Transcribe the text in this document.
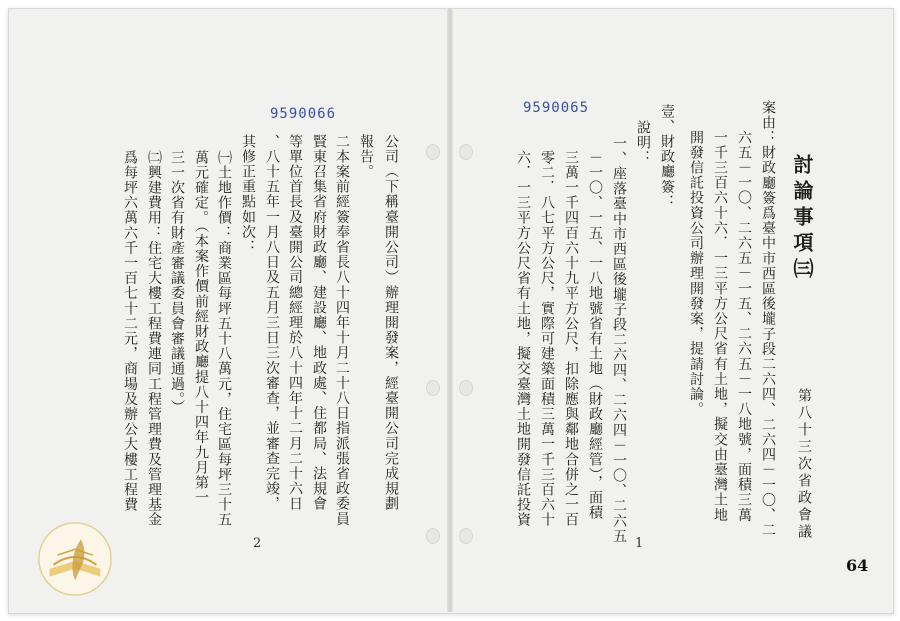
9590066
公司（下稱臺開公司）辦理開發案，經臺開公司完成規劃
報告。
二本案前經簽奉省長八十四年十月二十八日指派張省政委員
賢東召集省府財政廳、建設廳、地政處、住都局、法規會
等單位首長及臺開公司總經理於八十四年十二月二十六日
、八十五年一月八日及五月三日三次審查，並審查完竣，
其修正重點如次：
㈠土地作價：商業區每坪五十八萬元，住宅區每坪三十五
萬元確定。（本案作價前經財政廳提八十四年九月第一
三一次省有財產審議委員會審議通過。）
㈡興建費用：住宅大樓工程費連同工程管理費及管理基金
爲每坪六萬六千一百七十二元，商場及辦公大樓工程費
2
9590065
討論事項㈢
第八十三次省政會議
案由：財政廳簽爲臺中市西區後壠子段二六四、二六四－一〇、二
六五－一〇、二六五－一五、二六五－一八地號，面積三萬
一千三百六十六．一三平方公尺省有土地，擬交由臺灣土地
開發信託投資公司辦理開發案，提請討論。
壹、財政廳簽：
說明：
一、座落臺中市西區後壠子段二六四、二六四－一〇、二六五
－一〇、一五、一八地號省有土地（財政廳經管），面積
三萬一千四百六十九平方公尺，扣除應與鄰地合併之一百
零二．八七平方公尺，實際可建築面積三萬一千三百六十
六．一三平方公尺省有土地，擬交臺灣土地開發信託投資
1
64
